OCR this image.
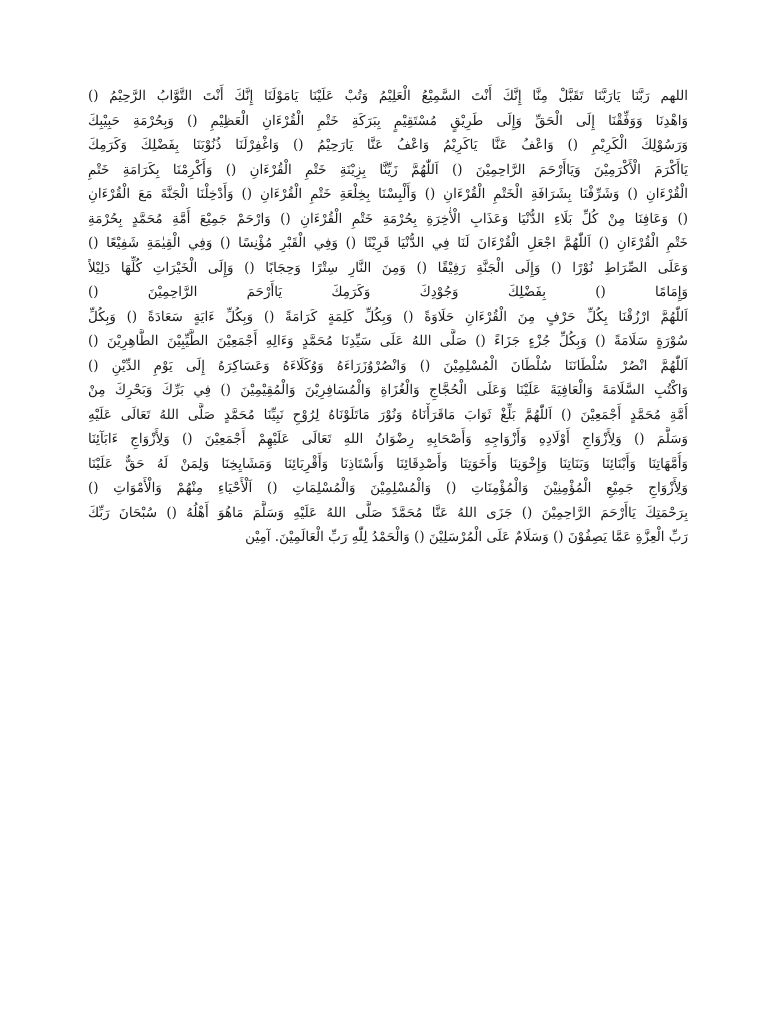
اللهم رَبَّنَا يَارَبَّنَا تَقَبَّلْ مِنَّا إِنَّكَ أَنْتَ السَّمِيْعُ الْعَلِيْمُ وَتُبْ عَلَيْنَا يَامَوْلَنَا إِنَّكَ أَنْتَ التَّوَّابُ الرَّحِيْمُ ()
وَاهْدِنَا وَوَفِّقْنَا إِلَى الْحَقِّ وَإِلَى طَرِيْقٍ مُسْتَقِيْمٍ بِبَرَكَةِ خَتْمِ الْقُرْءَانِ الْعَظِيْمِ () وَبِحُرْمَةِ حَبِيْبِكَ
وَرَسُوْلِكَ الْكَرِيْمِ () وَاعْفُ عَنَّا يَاكَرِيْمُ وَاعْفُ عَنَّا يَارَحِيْمُ () وَاغْفِرْلَنَا ذُنُوْبَنَا بِفَضْلِكَ وَكَرَمِكَ
يَاأَكْرَمَ الْأَكْرَمِيْنَ وَيَاأَرْحَمَ الرَّاحِمِيْنَ () اَللّٰهُمَّ زَيِّنَّا بِزِيْنَةِ خَتْمِ الْقُرْءَانِ () وَأَكْرِمْنَا بِكَرَامَةِ خَتْمِ
الْقُرْءَانِ () وَشَرِّفْنَا بِشَرَافَةِ الْخَتْمِ الْقُرْءَانِ () وَأَلْبِسْنَا بِخِلْعَةِ خَتْمِ الْقُرْءَانِ () وَأَدْخِلْنَا الْجَنَّةَ مَعَ الْقُرْءَانِ
() وَعَافِنَا مِنْ كُلِّ بَلَاءِ الدُّنْيَا وَعَذَابِ الْأٰخِرَةِ بِحُرْمَةِ خَتْمِ الْقُرْءَانِ () وَارْحَمْ جَمِيْعَ أُمَّةِ مُحَمَّدٍ بِحُرْمَةِ
خَتْمِ الْقُرْءَانِ () اَللّٰهُمَّ اجْعَلِ الْقُرْءَانَ لَنَا فِي الدُّنْيَا قَرِيْنًا () وَفِي الْقَبْرِ مُؤْنِسًا () وَفِي الْقِيٰمَةِ شَفِيْعًا ()
وَعَلَى الصِّرَاطِ نُوْرًا () وَإِلَى الْجَنَّةِ رَفِيْقًا () وَمِنَ النَّارِ سِتْرًا وَحِجَابًا () وَإِلَى الْخَيْرَاتِ كُلِّهَا دَلِيْلاً
وَإِمَامًا () بِفَضْلِكَ وَجُوْدِكَ وَكَرَمِكَ يَاأَرْحَمَ الرَّاحِمِيْنَ ()
اَللّٰهُمَّ ارْزُقْنَا بِكُلِّ حَرْفٍ مِنَ الْقُرْءَانِ حَلَاوَةً () وَبِكُلِّ كَلِمَةٍ كَرَامَةً () وَبِكُلِّ ءَايَةٍ سَعَادَةً () وَبِكُلِّ
سُوْرَةٍ سَلَامَةً () وَبِكُلِّ جُزْءٍ جَزَاءً () صَلَّى اللهُ عَلَى سَيِّدِنَا مُحَمَّدٍ وَءَالِهِ أَجْمَعِيْنَ الطَّيِّبِيْنَ الطَّاهِرِيْنَ ()
اَللّٰهُمَّ انْصُرْ سُلْطَانَنَا سُلْطَانَ الْمُسْلِمِيْنَ () وَانْصُرْوُزَرَاءَهُ وَوُكَلَاءَهُ وَعَسَاكِرَهُ إِلَى يَوْمِ الدِّيْنِ ()
وَاكْتُبِ السَّلَامَةَ وَالْعَافِيَةَ عَلَيْنَا وَعَلَى الْحُجَّاجِ وَالْغُزَاةِ وَالْمُسَافِرِيْنَ وَالْمُقِيْمِيْنَ () فِي بَرِّكَ وَبَحْرِكَ مِنْ
أُمَّةِ مُحَمَّدٍ أَجْمَعِيْنَ () اَللّٰهُمَّ بَلِّغْ ثَوَابَ مَاقَرَأْنَاهُ وَنُوْرَ مَاتَلَوْنَاهُ لِرُوْحِ نَبِيِّنَا مُحَمَّدٍ صَلَّى اللهُ تَعَالَى عَلَيْهِ
وَسَلَّمَ () وَلِأَزْوَاجِ أَوْلَادِهِ وَأَزْوَاجِهِ وَأَصْحَابِهِ رِضْوَانُ اللهِ تَعَالَى عَلَيْهِمْ أَجْمَعِيْنَ () وَلِأَزْوَاجِ ءَابَآئِنَا
وَأُمَّهَاتِنَا وَأَبْنَائِنَا وَبَنَاتِنَا وَإِخْوَنِنَا وَأَخَوَتِنَا وَأَصْدِقَائِنَا وَأُسْتَاذِنَا وَأَقْرِبَائِنَا وَمَشَايِخِنَا وَلِمَنْ لَهُ حَقٌّ عَلَيْنَا
وَلِأَزْوَاجِ جَمِيْعِ الْمُؤْمِنِيْنَ وَالْمُؤْمِنَاتِ () وَالْمُسْلِمِيْنَ وَالْمُسْلِمَاتِ () اَلْأَحْيَاءِ مِنْهُمْ وَالْأَمْوَاتِ ()
بِرَحْمَتِكَ يَاأَرْحَمَ الرَّاحِمِيْنَ () جَزَى اللهُ عَنَّا مُحَمَّدً صَلَّى اللهُ عَلَيْهِ وَسَلَّمَ مَاهُوَ أَهْلُهُ () سُبْحَانَ رَبِّكَ
رَبِّ الْعِزَّةِ عَمَّا يَصِفُوْنَ () وَسَلَامٌ عَلَى الْمُرْسَلِيْنَ () وَالْحَمْدُ لِلّٰهِ رَبِّ الْعَالَمِيْنَ. آمِيْن
